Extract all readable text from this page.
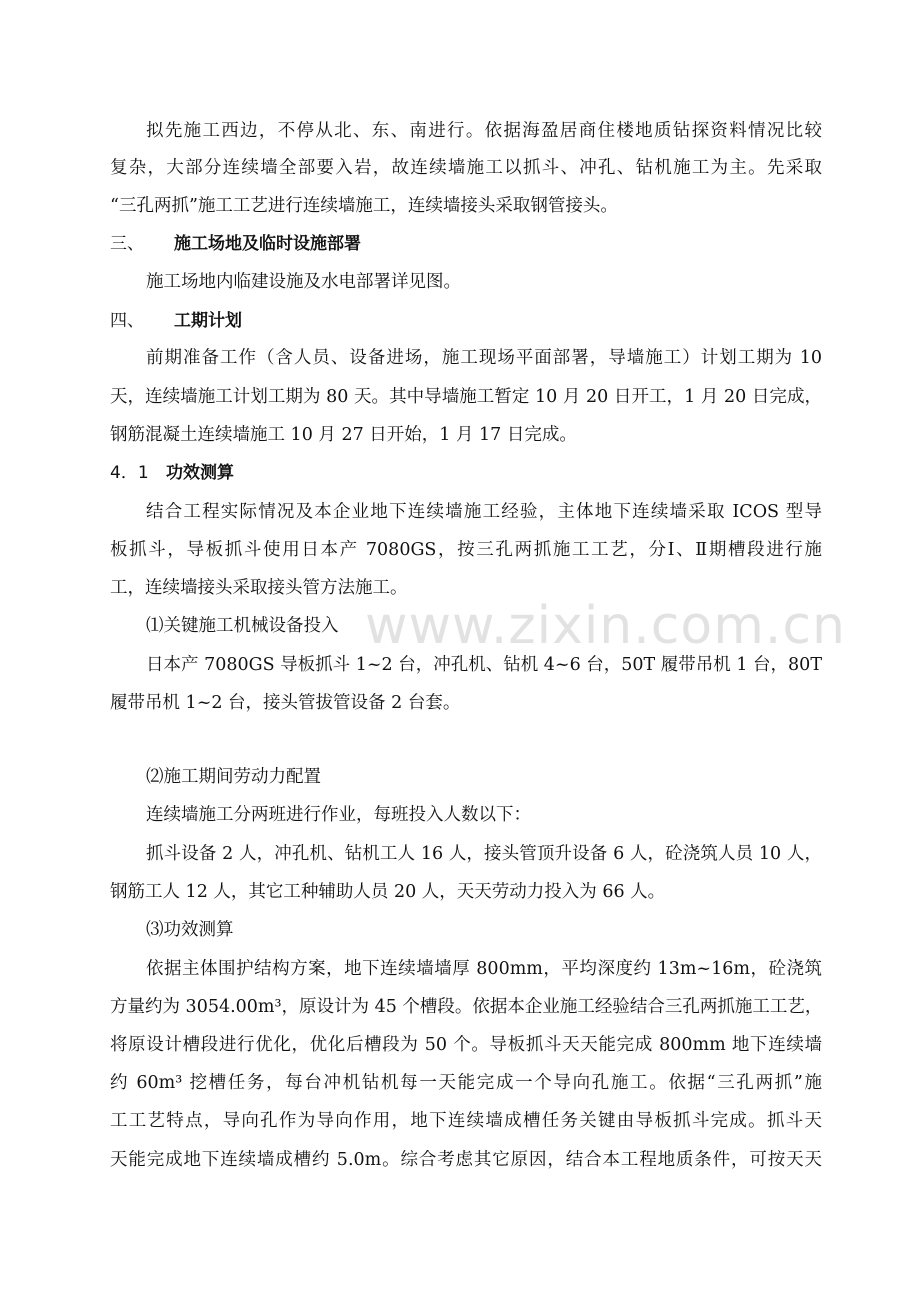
www.zixin.com.cn
拟先施工西边，不停从北、东、南进行。依据海盈居商住楼地质钻探资料情况比较
复杂，大部分连续墙全部要入岩，故连续墙施工以抓斗、冲孔、钻机施工为主。先采取
“三孔两抓”施工工艺进行连续墙施工，连续墙接头采取钢管接头。
三、 施工场地及临时设施部署
施工场地内临建设施及水电部署详见图。
四、 工期计划
前期准备工作（含人员、设备进场，施工现场平面部署，导墙施工）计划工期为 10
天，连续墙施工计划工期为 80 天。其中导墙施工暂定 10 月 20 日开工，1 月 20 日完成，
钢筋混凝土连续墙施工 10 月 27 日开始，1 月 17 日完成。
4．1 功效测算
结合工程实际情况及本企业地下连续墙施工经验，主体地下连续墙采取 ICOS 型导
板抓斗，导板抓斗使用日本产 7080GS，按三孔两抓施工工艺，分Ⅰ、Ⅱ期槽段进行施
工，连续墙接头采取接头管方法施工。
⑴关键施工机械设备投入
日本产 7080GS 导板抓斗 1~2 台，冲孔机、钻机 4~6 台，50T 履带吊机 1 台，80T
履带吊机 1~2 台，接头管拔管设备 2 台套。
⑵施工期间劳动力配置
连续墙施工分两班进行作业，每班投入人数以下：
抓斗设备 2 人，冲孔机、钻机工人 16 人，接头管顶升设备 6 人，砼浇筑人员 10 人，
钢筋工人 12 人，其它工种辅助人员 20 人，天天劳动力投入为 66 人。
⑶功效测算
依据主体围护结构方案，地下连续墙墙厚 800mm，平均深度约 13m~16m，砼浇筑
方量约为 3054.00m³，原设计为 45 个槽段。依据本企业施工经验结合三孔两抓施工工艺，
将原设计槽段进行优化，优化后槽段为 50 个。导板抓斗天天能完成 800mm 地下连续墙
约 60m³ 挖槽任务，每台冲机钻机每一天能完成一个导向孔施工。依据“三孔两抓”施
工工艺特点，导向孔作为导向作用，地下连续墙成槽任务关键由导板抓斗完成。抓斗天
天能完成地下连续墙成槽约 5.0m。综合考虑其它原因，结合本工程地质条件，可按天天
